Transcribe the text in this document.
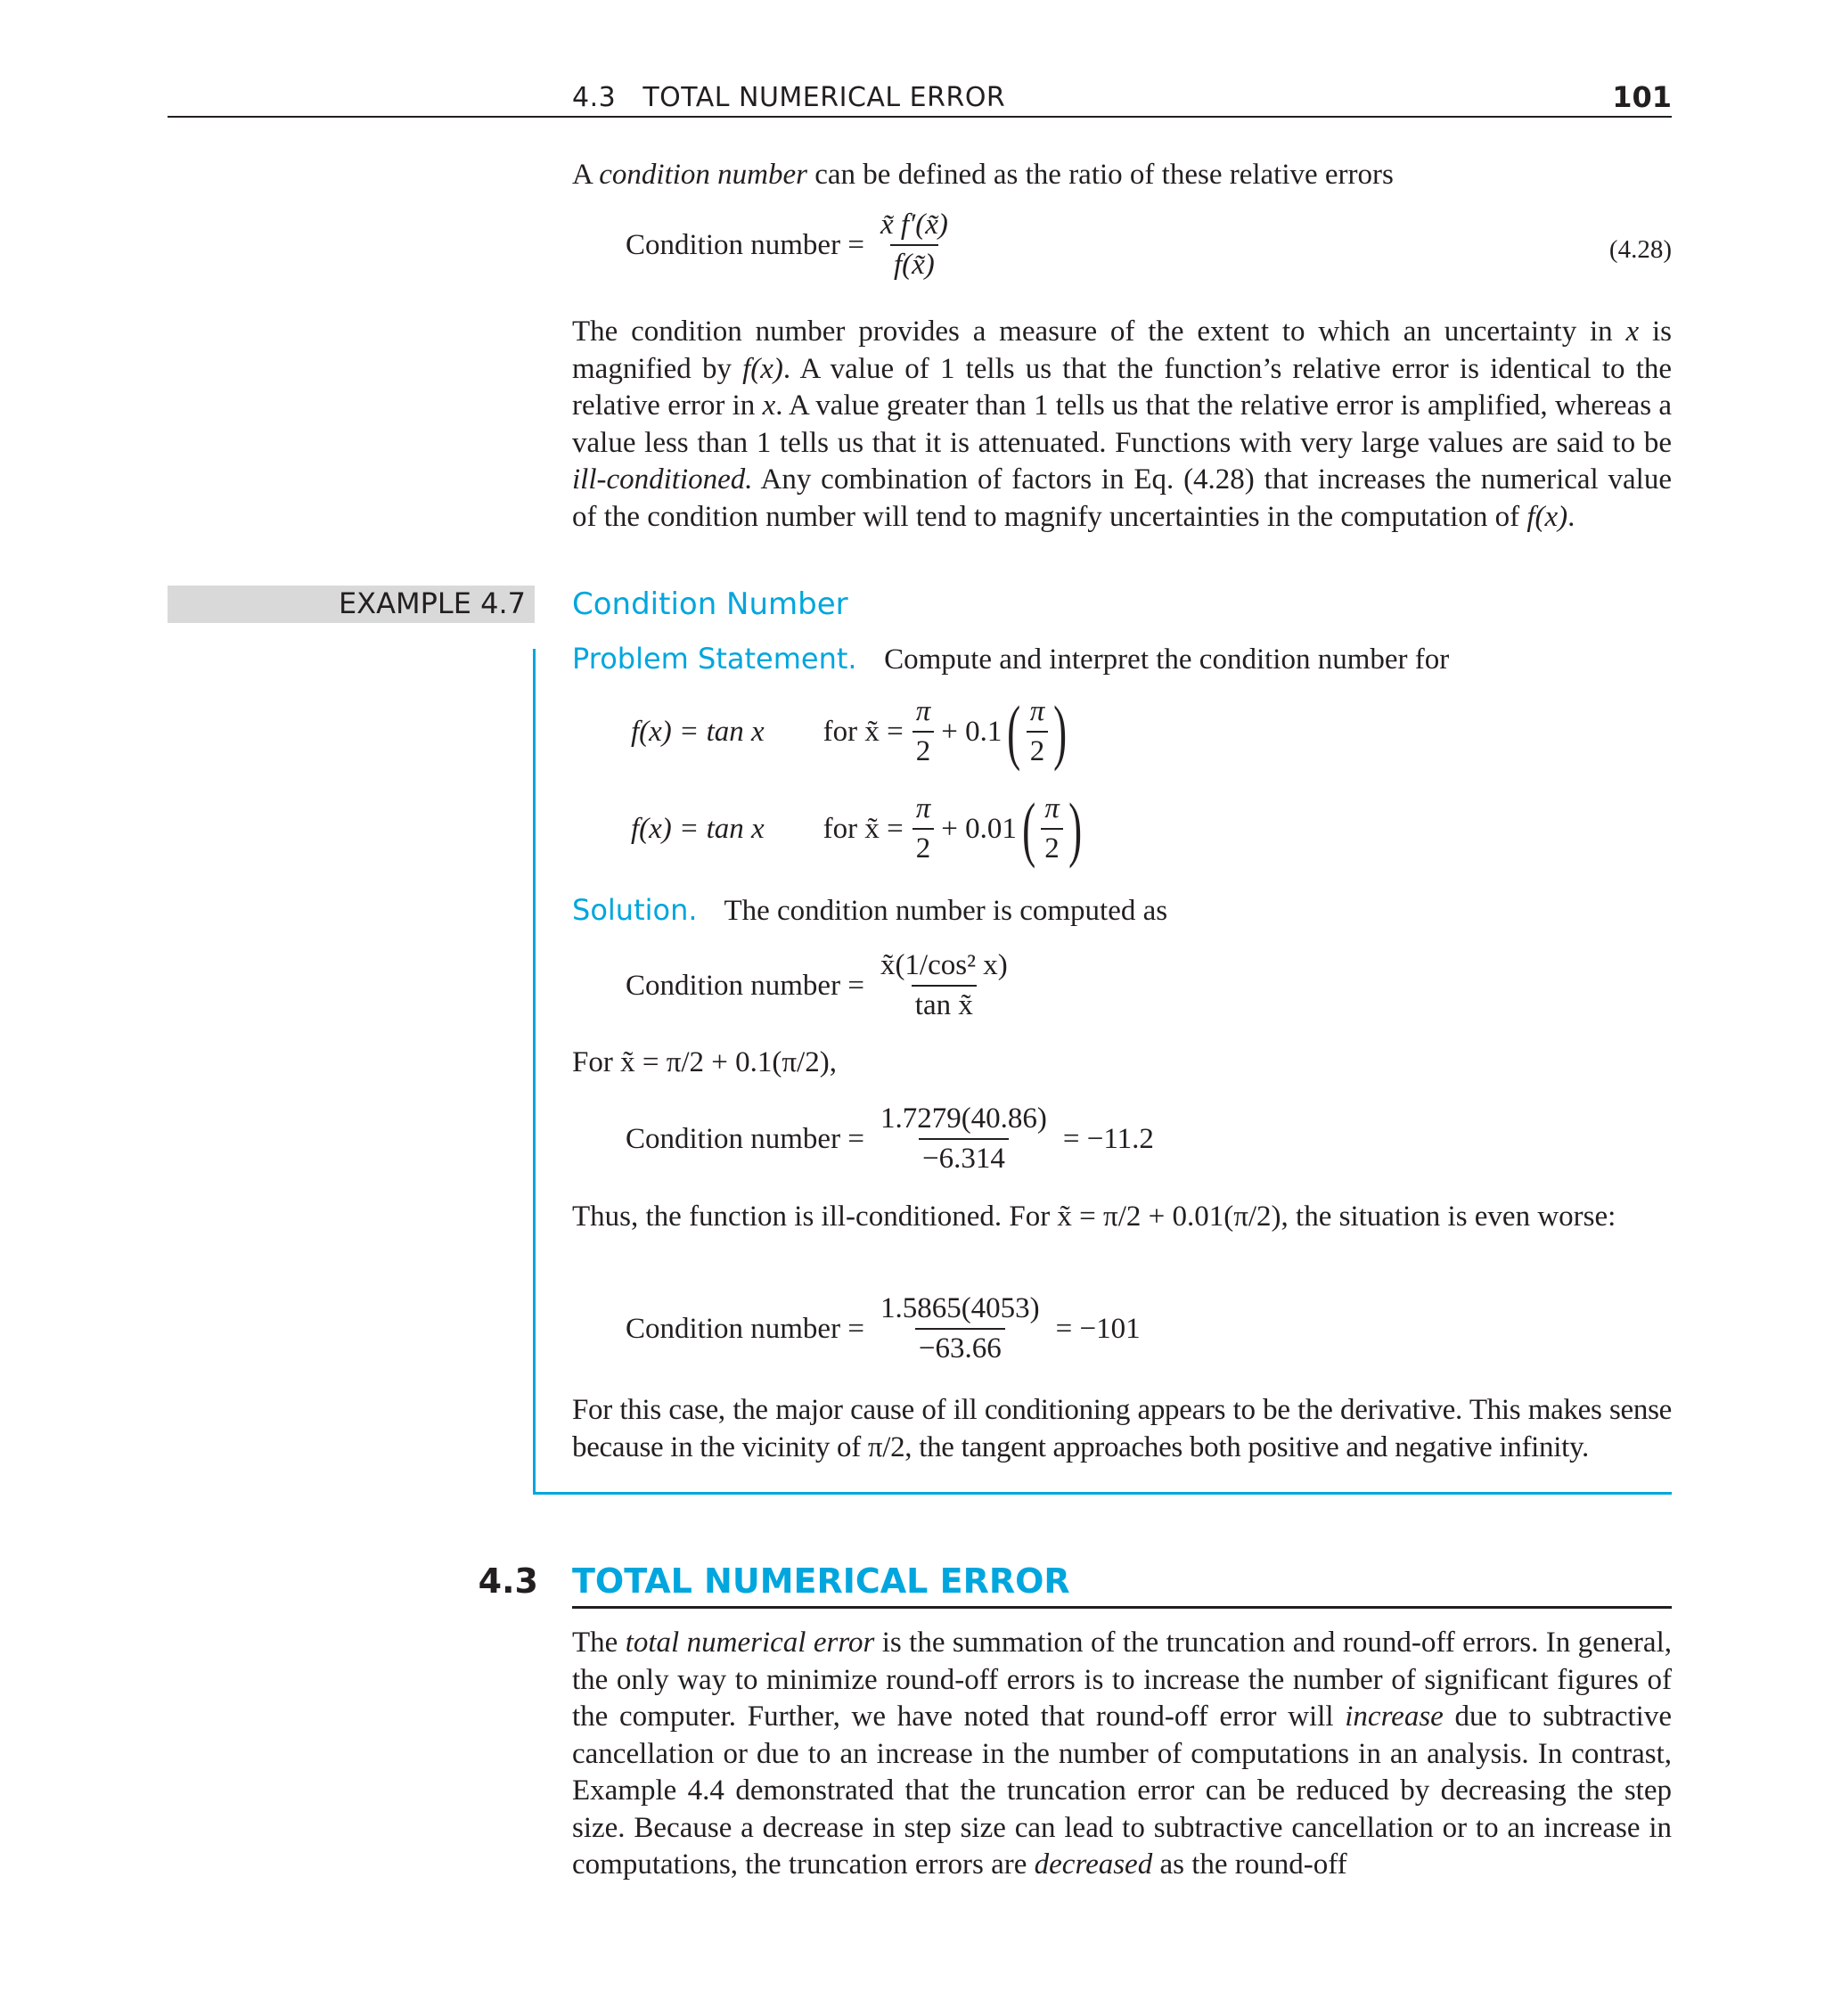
4.3   TOTAL NUMERICAL ERROR	101

A condition number can be defined as the ratio of these relative errors

Condition number = $\frac{x̃ f'(x̃)}{f(x̃)}$	(4.28)

The condition number provides a measure of the extent to which an uncertainty in x is magnified by f(x). A value of 1 tells us that the function’s relative error is identical to the relative error in x. A value greater than 1 tells us that the relative error is amplified, whereas a value less than 1 tells us that it is attenuated. Functions with very large values are said to be ill-conditioned. Any combination of factors in Eq. (4.28) that increases the numerical value of the condition number will tend to magnify uncertainties in the computation of f(x).

EXAMPLE 4.7 Condition Number
Problem Statement. Compute and interpret the condition number for
f(x) = tan x for x̃ = $\frac{\pi}{2} + 0.1$ ( $\frac{\pi}{2}$ )
f(x) = tan x for x̃ = $\frac{\pi}{2} + 0.01$ ( $\frac{\pi}{2}$ )
Solution. The condition number is computed as
Condition number = $\frac{\text{x̃(1/cos² x)}}{\text{tan x̃}}$
For x̃ = π/2 + 0.1(π/2),
Condition number = $\frac{1.7279(40.86)}{-6.314} = -11.2$

Thus, the function is ill-conditioned. For x̃ = π/2 + 0.01(π/2), the situation is even worse:

Condition number = $\frac{1.5865(4053)}{-63.66} = -101$

For this case, the major cause of ill conditioning appears to be the derivative. This makes sense because in the vicinity of π/2, the tangent approaches both positive and negative infinity.

4.3 TOTAL NUMERICAL ERROR

The total numerical error is the summation of the truncation and round-off errors. In general, the only way to minimize round-off errors is to increase the number of significant figures of the computer. Further, we have noted that round-off error will increase due to subtractive cancellation or due to an increase in the number of computations in an analysis. In contrast, Example 4.4 demonstrated that the truncation error can be reduced by decreasing the step size. Because a decrease in step size can lead to subtractive cancellation or to an increase in computations, the truncation errors are decreased as the round-off
